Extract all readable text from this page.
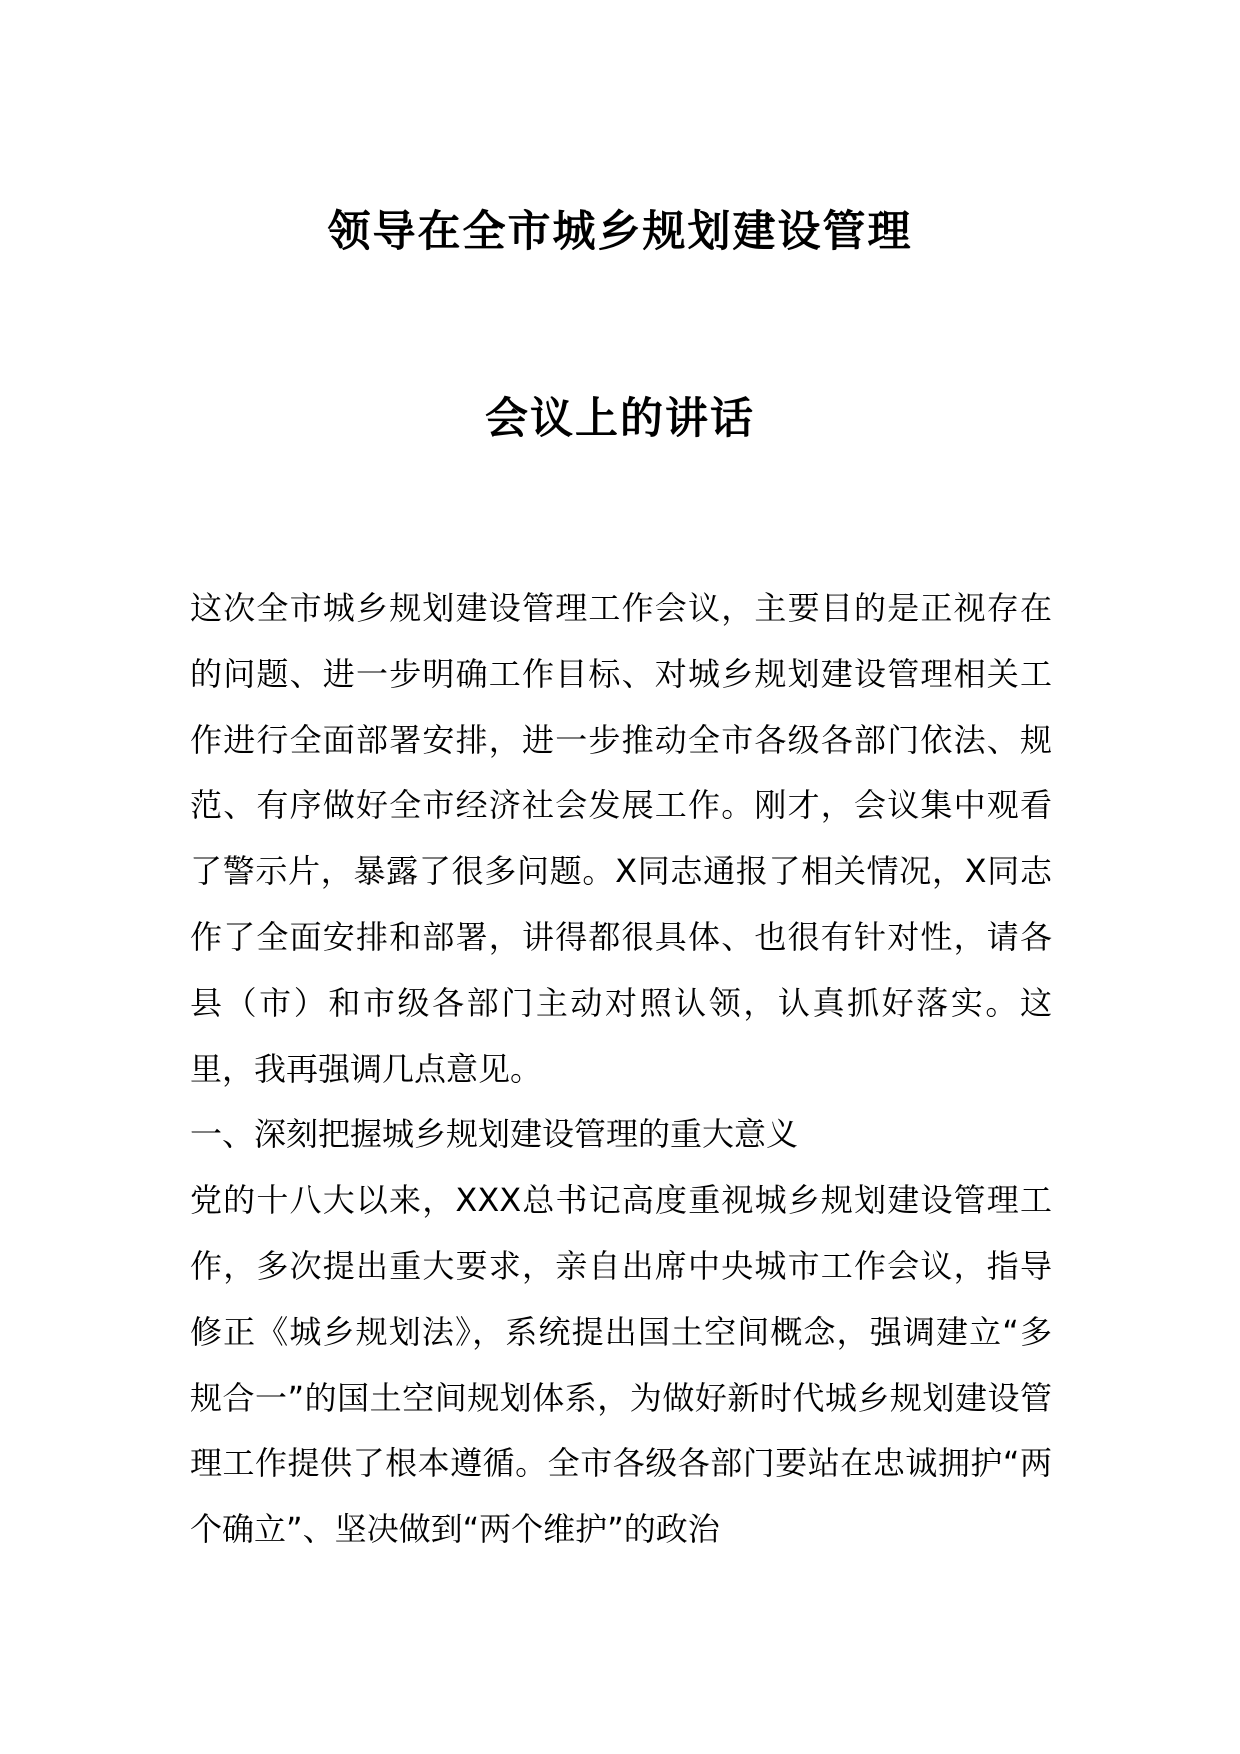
领导在全市城乡规划建设管理
会议上的讲话

这次全市城乡规划建设管理工作会议，主要目的是正视存在的问题、进一步明确工作目标、对城乡规划建设管理相关工作进行全面部署安排，进一步推动全市各级各部门依法、规范、有序做好全市经济社会发展工作。刚才，会议集中观看了警示片，暴露了很多问题。X同志通报了相关情况，X同志作了全面安排和部署，讲得都很具体、也很有针对性，请各县（市）和市级各部门主动对照认领，认真抓好落实。这里，我再强调几点意见。

一、深刻把握城乡规划建设管理的重大意义

党的十八大以来，XXX总书记高度重视城乡规划建设管理工作，多次提出重大要求，亲自出席中央城市工作会议，指导修正《城乡规划法》，系统提出国土空间概念，强调建立“多规合一”的国土空间规划体系，为做好新时代城乡规划建设管理工作提供了根本遵循。全市各级各部门要站在忠诚拥护“两个确立”、坚决做到“两个维护”的政治
